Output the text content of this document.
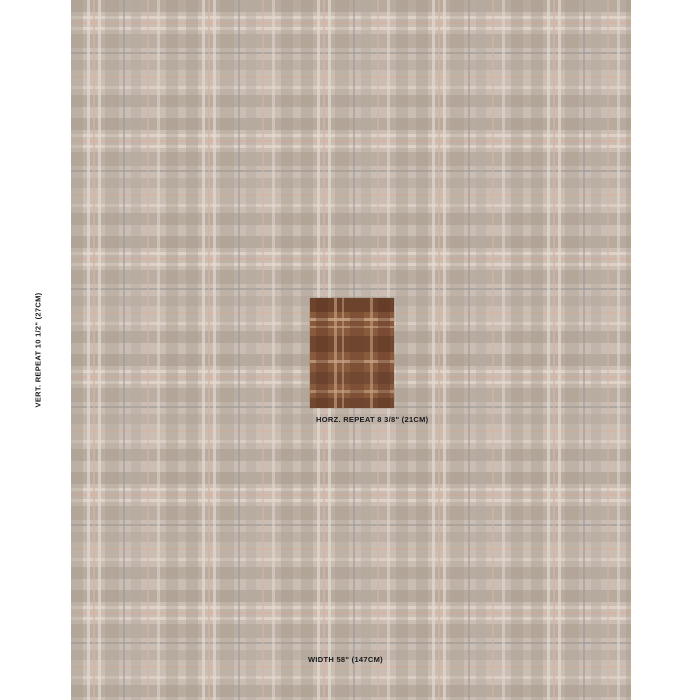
VERT. REPEAT 10 1/2" (27CM)
HORZ. REPEAT 8 3/8" (21CM)
WIDTH 58" (147CM)
